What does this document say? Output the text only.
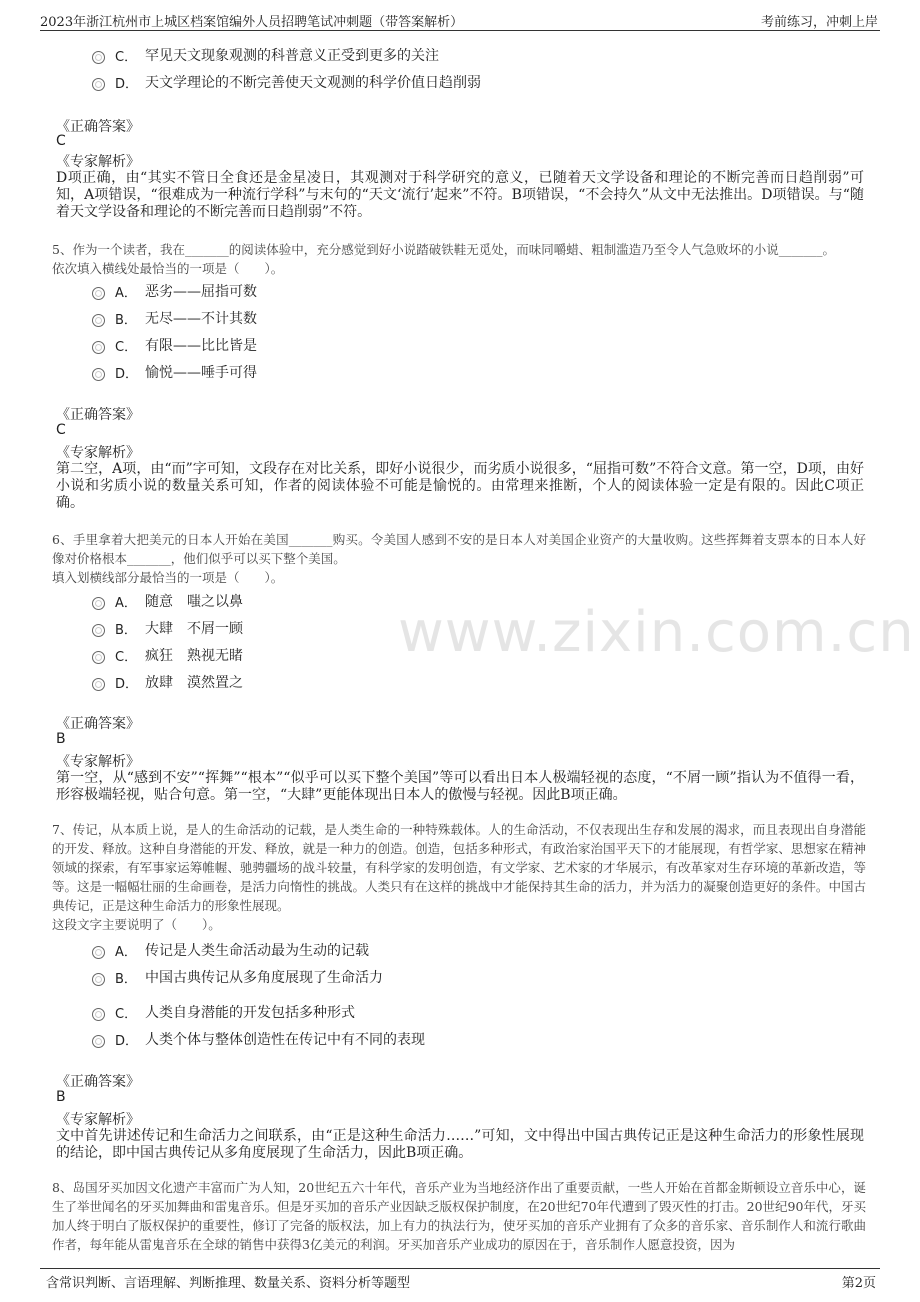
2023年浙江杭州市上城区档案馆编外人员招聘笔试冲刺题（带答案解析）	考前练习，冲刺上岸
www.zixin.com.cn
C． 罕见天文现象观测的科普意义正受到更多的关注
D． 天文学理论的不断完善使天文观测的科学价值日趋削弱
《正确答案》
C
《专家解析》
D项正确，由“其实不管日全食还是金星凌日，其观测对于科学研究的意义，已随着天文学设备和理论的不断完善而日趋削弱”可知，A项错误，“很难成为一种流行学科”与末句的“天文‘流行’起来”不符。B项错误，“不会持久”从文中无法推出。D项错误。与“随着天文学设备和理论的不断完善而日趋削弱”不符。
5、作为一个读者，我在_______的阅读体验中，充分感觉到好小说踏破铁鞋无觅处，而味同嚼蜡、粗制滥造乃至令人气急败坏的小说_______。
依次填入横线处最恰当的一项是（　　）。
A． 恶劣——屈指可数
B． 无尽——不计其数
C． 有限——比比皆是
D． 愉悦——唾手可得
《正确答案》
C
《专家解析》
第二空，A项，由“而”字可知，文段存在对比关系，即好小说很少，而劣质小说很多，“屈指可数”不符合文意。第一空，D项，由好小说和劣质小说的数量关系可知，作者的阅读体验不可能是愉悦的。由常理来推断，个人的阅读体验一定是有限的。因此C项正确。
6、手里拿着大把美元的日本人开始在美国_______购买。令美国人感到不安的是日本人对美国企业资产的大量收购。这些挥舞着支票本的日本人好像对价格根本_______，他们似乎可以买下整个美国。
填入划横线部分最恰当的一项是（　　）。
A． 随意　嗤之以鼻
B． 大肆　不屑一顾
C． 疯狂　熟视无睹
D． 放肆　漠然置之
《正确答案》
B
《专家解析》
第一空，从“感到不安”“挥舞”“根本”“似乎可以买下整个美国”等可以看出日本人极端轻视的态度，“不屑一顾”指认为不值得一看，形容极端轻视，贴合句意。第一空，“大肆”更能体现出日本人的傲慢与轻视。因此B项正确。
7、传记，从本质上说，是人的生命活动的记载，是人类生命的一种特殊载体。人的生命活动，不仅表现出生存和发展的渴求，而且表现出自身潜能的开发、释放。这种自身潜能的开发、释放，就是一种力的创造。创造，包括多种形式，有政治家治国平天下的才能展现，有哲学家、思想家在精神领域的探索，有军事家运筹帷幄、驰骋疆场的战斗较量，有科学家的发明创造，有文学家、艺术家的才华展示，有改革家对生存环境的革新改造，等等。这是一幅幅壮丽的生命画卷，是活力向惰性的挑战。人类只有在这样的挑战中才能保持其生命的活力，并为活力的凝聚创造更好的条件。中国古典传记，正是这种生命活力的形象性展现。
这段文字主要说明了（　　）。
A． 传记是人类生命活动最为生动的记载
B． 中国古典传记从多角度展现了生命活力
C． 人类自身潜能的开发包括多种形式
D． 人类个体与整体创造性在传记中有不同的表现
《正确答案》
B
《专家解析》
文中首先讲述传记和生命活力之间联系，由“正是这种生命活力……”可知，文中得出中国古典传记正是这种生命活力的形象性展现的结论，即中国古典传记从多角度展现了生命活力，因此B项正确。
8、岛国牙买加因文化遗产丰富而广为人知，20世纪五六十年代，音乐产业为当地经济作出了重要贡献，一些人开始在首都金斯顿设立音乐中心，诞生了举世闻名的牙买加舞曲和雷鬼音乐。但是牙买加的音乐产业因缺乏版权保护制度，在20世纪70年代遭到了毁灭性的打击。20世纪90年代，牙买加人终于明白了版权保护的重要性，修订了完备的版权法，加上有力的执法行为，使牙买加的音乐产业拥有了众多的音乐家、音乐制作人和流行歌曲作者，每年能从雷鬼音乐在全球的销售中获得3亿美元的利润。牙买加音乐产业成功的原因在于，音乐制作人愿意投资，因为
含常识判断、言语理解、判断推理、数量关系、资料分析等题型	第2页
